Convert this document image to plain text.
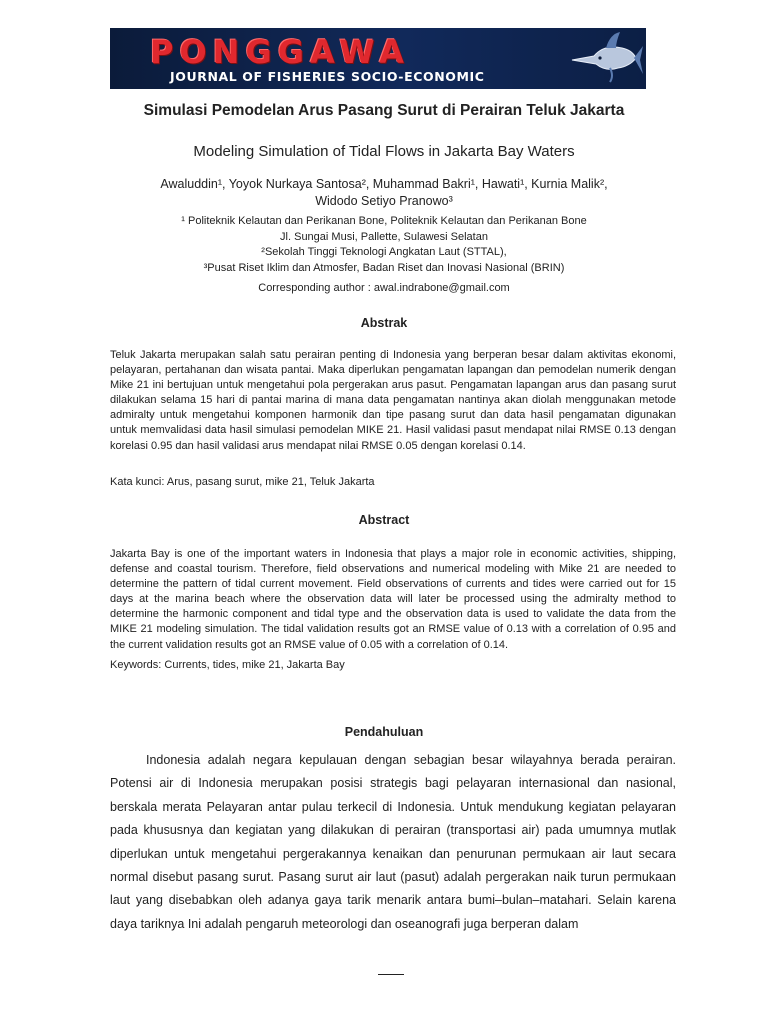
PONGGAWA
JOURNAL OF FISHERIES SOCIO-ECONOMIC
Simulasi Pemodelan Arus Pasang Surut di Perairan Teluk Jakarta
Modeling Simulation of Tidal Flows in Jakarta Bay Waters
Awaluddin¹, Yoyok Nurkaya Santosa², Muhammad Bakri¹, Hawati¹, Kurnia Malik²,
Widodo Setiyo Pranowo³
¹ Politeknik Kelautan dan Perikanan Bone, Politeknik Kelautan dan Perikanan Bone
Jl. Sungai Musi, Pallette, Sulawesi Selatan
²Sekolah Tinggi Teknologi Angkatan Laut (STTAL),
³Pusat Riset Iklim dan Atmosfer, Badan Riset dan Inovasi Nasional (BRIN)
Corresponding author : awal.indrabone@gmail.com
Abstrak
Teluk Jakarta merupakan salah satu perairan penting di Indonesia yang berperan besar dalam aktivitas ekonomi, pelayaran, pertahanan dan wisata pantai. Maka diperlukan pengamatan lapangan dan pemodelan numerik dengan Mike 21 ini bertujuan untuk mengetahui pola pergerakan arus pasut. Pengamatan lapangan arus dan pasang surut dilakukan selama 15 hari di pantai marina di mana data pengamatan nantinya akan diolah menggunakan metode admiralty untuk mengetahui komponen harmonik dan tipe pasang surut dan data hasil pengamatan digunakan untuk memvalidasi data hasil simulasi pemodelan MIKE 21. Hasil validasi pasut mendapat nilai RMSE 0.13 dengan korelasi 0.95 dan hasil validasi arus mendapat nilai RMSE 0.05 dengan korelasi 0.14.
Kata kunci: Arus, pasang surut, mike 21, Teluk Jakarta
Abstract
Jakarta Bay is one of the important waters in Indonesia that plays a major role in economic activities, shipping, defense and coastal tourism. Therefore, field observations and numerical modeling with Mike 21 are needed to determine the pattern of tidal current movement. Field observations of currents and tides were carried out for 15 days at the marina beach where the observation data will later be processed using the admiralty method to determine the harmonic component and tidal type and the observation data is used to validate the data from the MIKE 21 modeling simulation. The tidal validation results got an RMSE value of 0.13 with a correlation of 0.95 and the current validation results got an RMSE value of 0.05 with a correlation of 0.14.
Keywords: Currents, tides, mike 21, Jakarta Bay
Pendahuluan
Indonesia adalah negara kepulauan dengan sebagian besar wilayahnya berada perairan. Potensi air di Indonesia merupakan posisi strategis bagi pelayaran internasional dan nasional, berskala merata Pelayaran antar pulau terkecil di Indonesia. Untuk mendukung kegiatan pelayaran pada khususnya dan kegiatan yang dilakukan di perairan (transportasi air) pada umumnya mutlak diperlukan untuk mengetahui pergerakannya kenaikan dan penurunan permukaan air laut secara normal disebut pasang surut. Pasang surut air laut (pasut) adalah pergerakan naik turun permukaan laut yang disebabkan oleh adanya gaya tarik menarik antara bumi–bulan–matahari. Selain karena daya tariknya Ini adalah pengaruh meteorologi dan oseanografi juga berperan dalam
